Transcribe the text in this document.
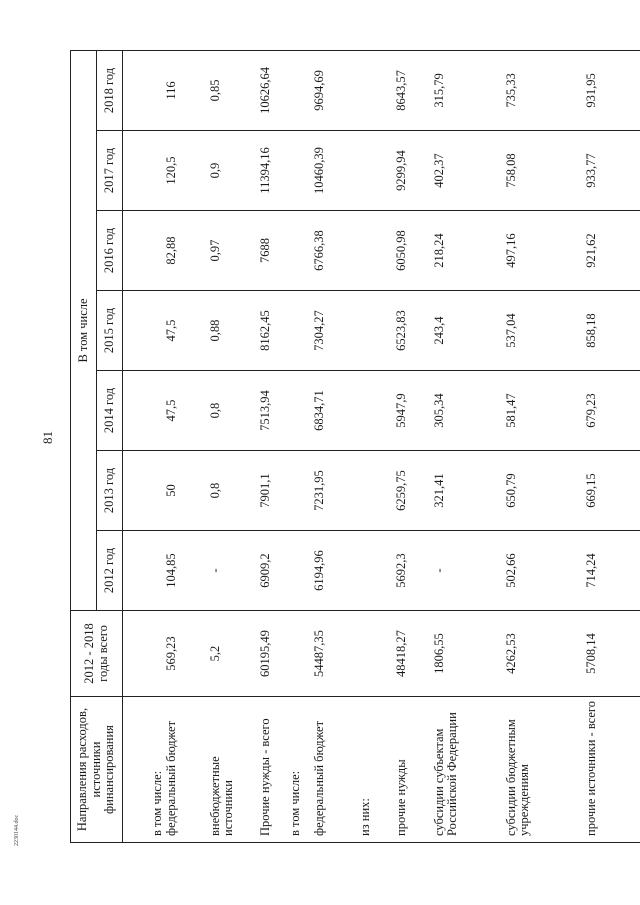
81
2230144.doc	Направления расходов, источники финансирования	2012 - 2018 годы всего	В том числе						
		2012 год	2013 год	2014 год	2015 год	2016 год	2017 год	2018 год
в том числе:								
федеральный бюджет	569,23	104,85	50	47,5	47,5	82,88	120,5	116
внебюджетные источники	5,2	-	0,8	0,8	0,88	0,97	0,9	0,85
Прочие нужды - всего	60195,49	6909,2	7901,1	7513,94	8162,45	7688	11394,16	10626,64
в том числе:								
федеральный бюджет	54487,35	6194,96	7231,95	6834,71	7304,27	6766,38	10460,39	9694,69
из них:								
прочие нужды	48418,27	5692,3	6259,75	5947,9	6523,83	6050,98	9299,94	8643,57
субсидии субъектам Российской Федерации	1806,55	-	321,41	305,34	243,4	218,24	402,37	315,79
субсидии бюджетным учреждениям	4262,53	502,66	650,79	581,47	537,04	497,16	758,08	735,33
прочие источники - всего	5708,14	714,24	669,15	679,23	858,18	921,62	933,77	931,95
